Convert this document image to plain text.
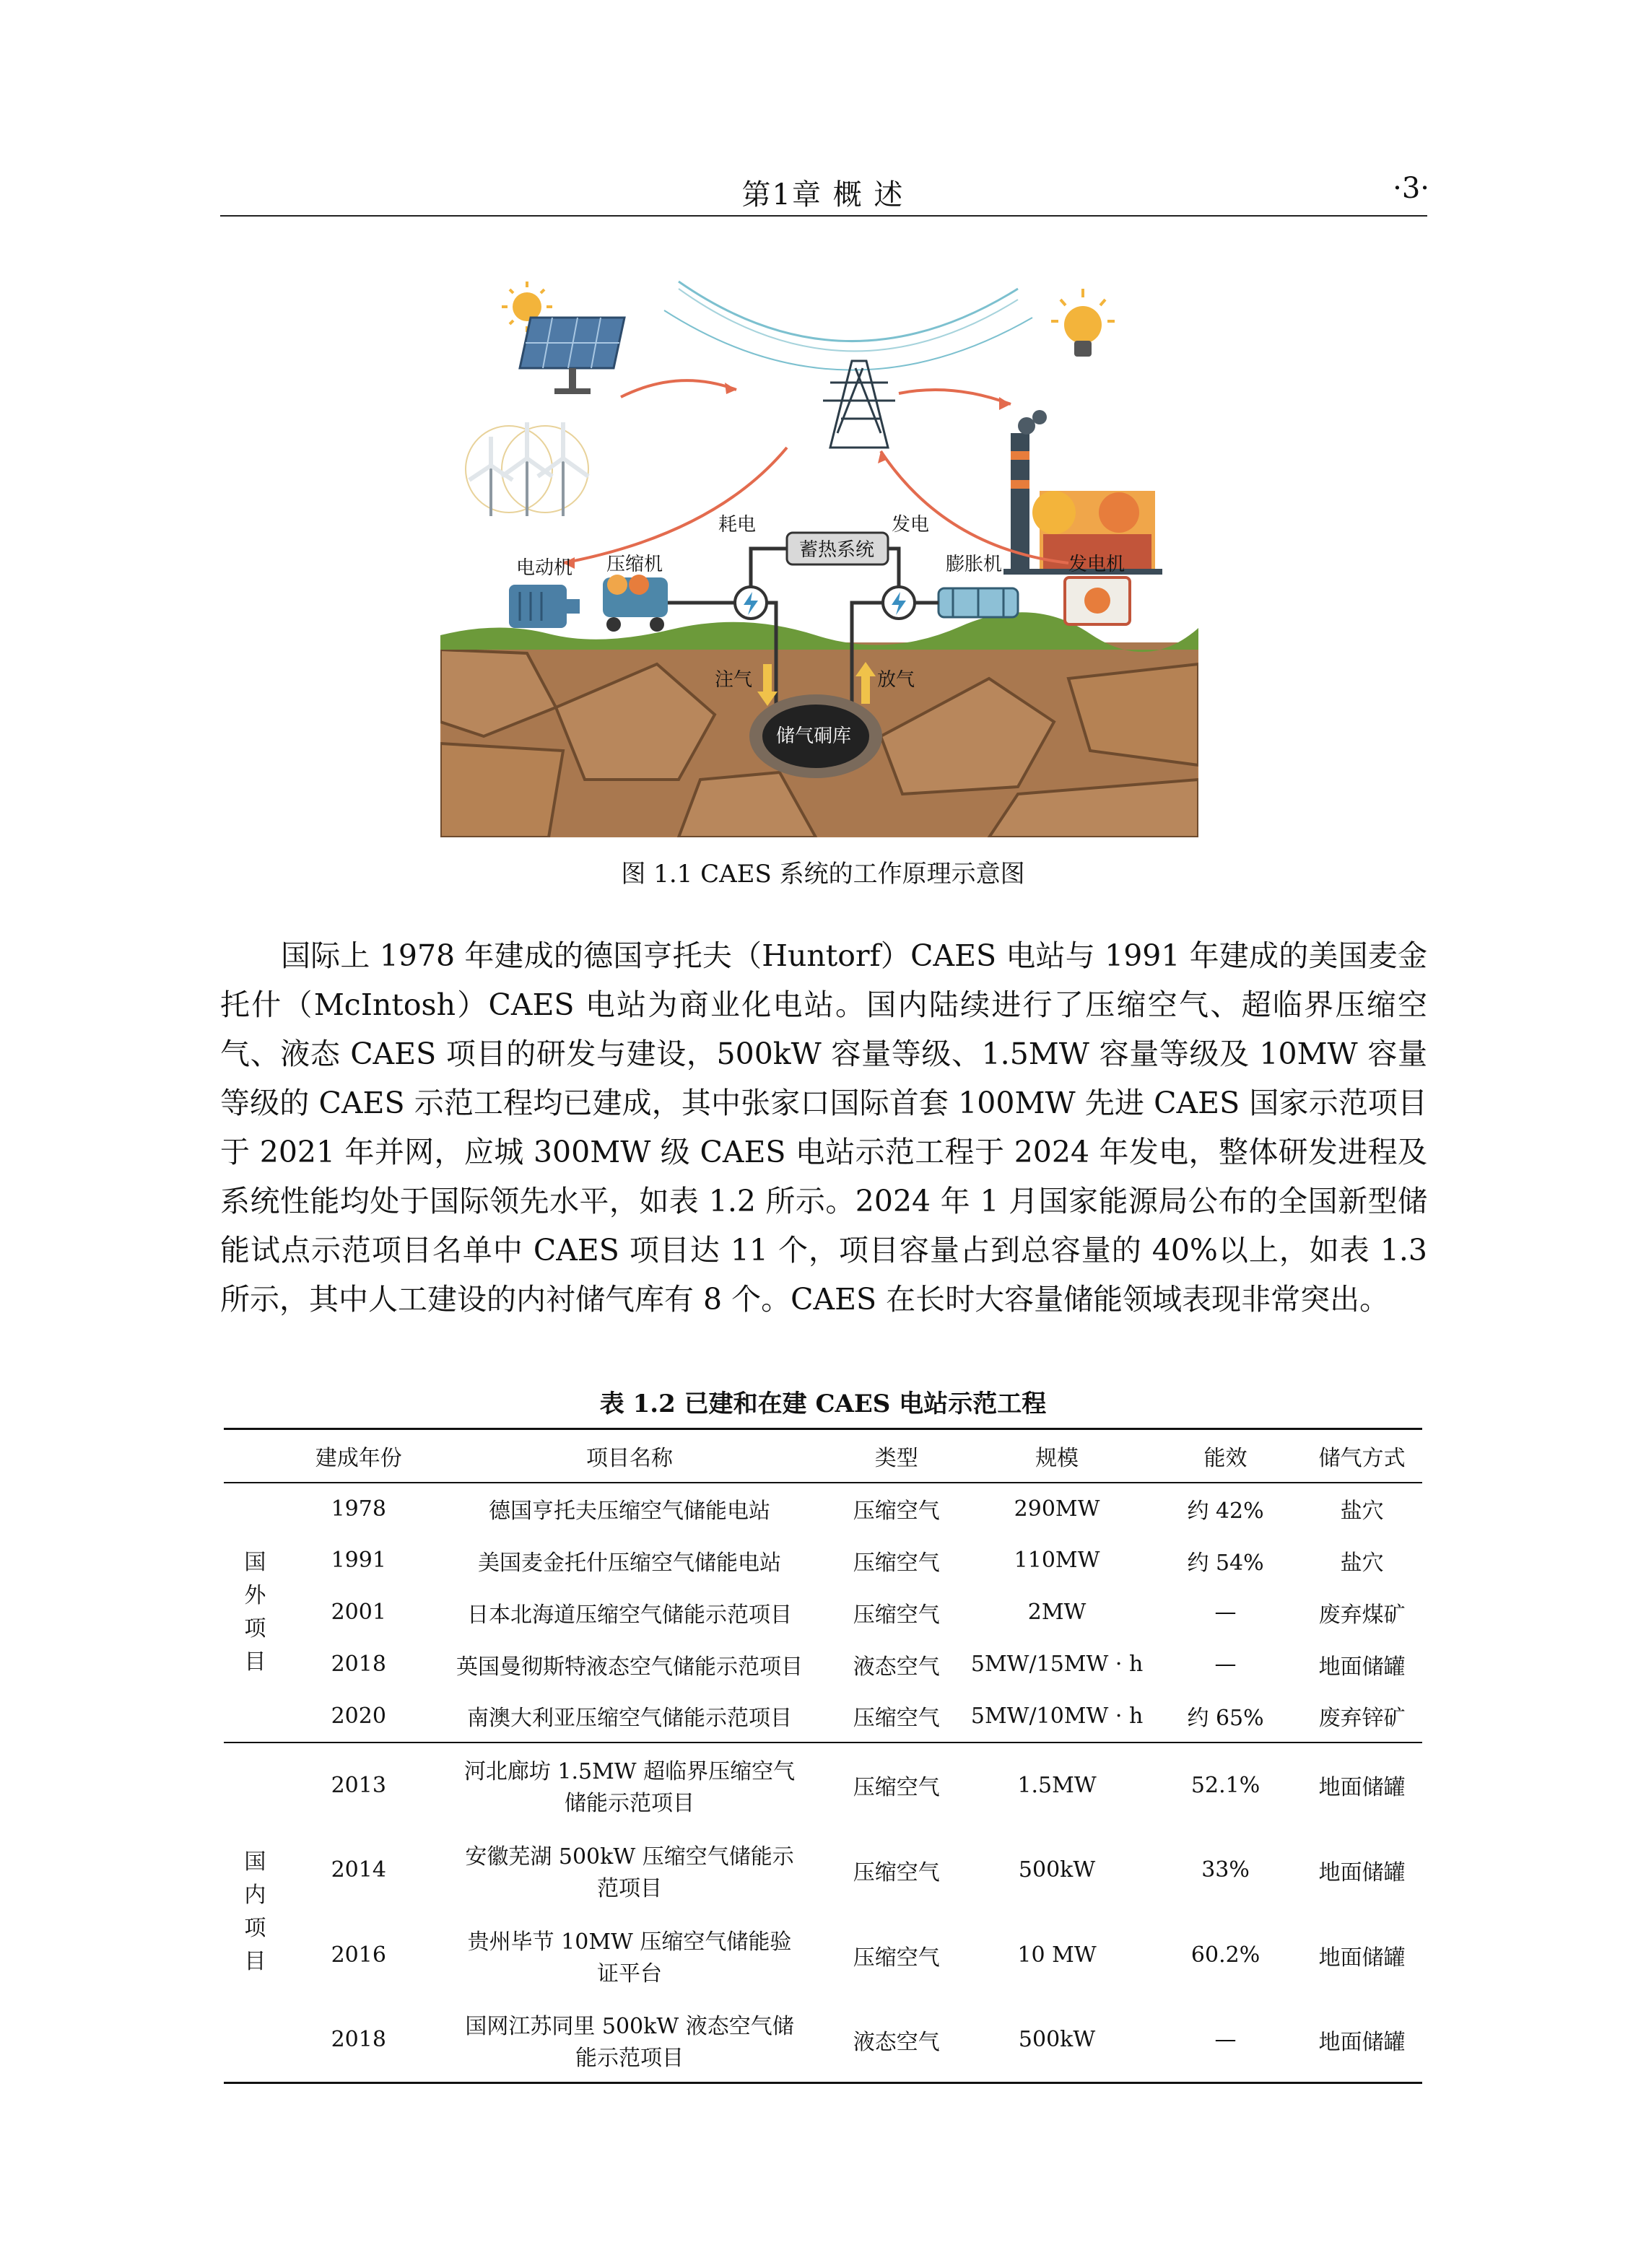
第1章 概 述	·3·
耗电	发电
电动机 压缩机
蓄热系统
膨胀机	发电机
注气	放气
储气硐库
图 1.1 CAES 系统的工作原理示意图
国际上 1978 年建成的德国亨托夫（Huntorf）CAES 电站与 1991 年建成的美国麦金托什（McIntosh）CAES 电站为商业化电站。国内陆续进行了压缩空气、超临界压缩空气、液态 CAES 项目的研发与建设，500kW 容量等级、1.5MW 容量等级及 10MW 容量等级的 CAES 示范工程均已建成，其中张家口国际首套 100MW 先进 CAES 国家示范项目于 2021 年并网，应城 300MW 级 CAES 电站示范工程于 2024 年发电，整体研发进程及系统性能均处于国际领先水平，如表 1.2 所示。2024 年 1 月国家能源局公布的全国新型储能试点示范项目名单中 CAES 项目达 11 个，项目容量占到总容量的 40%以上，如表 1.3 所示，其中人工建设的内衬储气库有 8 个。CAES 在长时大容量储能领域表现非常突出。
表 1.2 已建和在建 CAES 电站示范工程
	建成年份	项目名称	类型	规模	能效	储气方式

国
外
项
目	1978	德国亨托夫压缩空气储能电站	压缩空气	290MW	约 42%	盐穴
	1991	美国麦金托什压缩空气储能电站	压缩空气	110MW	约 54%	盐穴
	2001	日本北海道压缩空气储能示范项目	压缩空气	2MW	—	废弃煤矿
	2018	英国曼彻斯特液态空气储能示范项目	液态空气	5MW/15MW · h	—	地面储罐
	2020	南澳大利亚压缩空气储能示范项目	压缩空气	5MW/10MW · h	约 65%	废弃锌矿

国
内
项
目	2013	河北廊坊 1.5MW 超临界压缩空气储能示范项目	压缩空气	1.5MW	52.1%	地面储罐
	2014	安徽芜湖 500kW 压缩空气储能示范项目	压缩空气	500kW	33%	地面储罐
	2016	贵州毕节 10MW 压缩空气储能验证平台	压缩空气	10 MW	60.2%	地面储罐
	2018	国网江苏同里 500kW 液态空气储能示范项目	液态空气	500kW	—	地面储罐
